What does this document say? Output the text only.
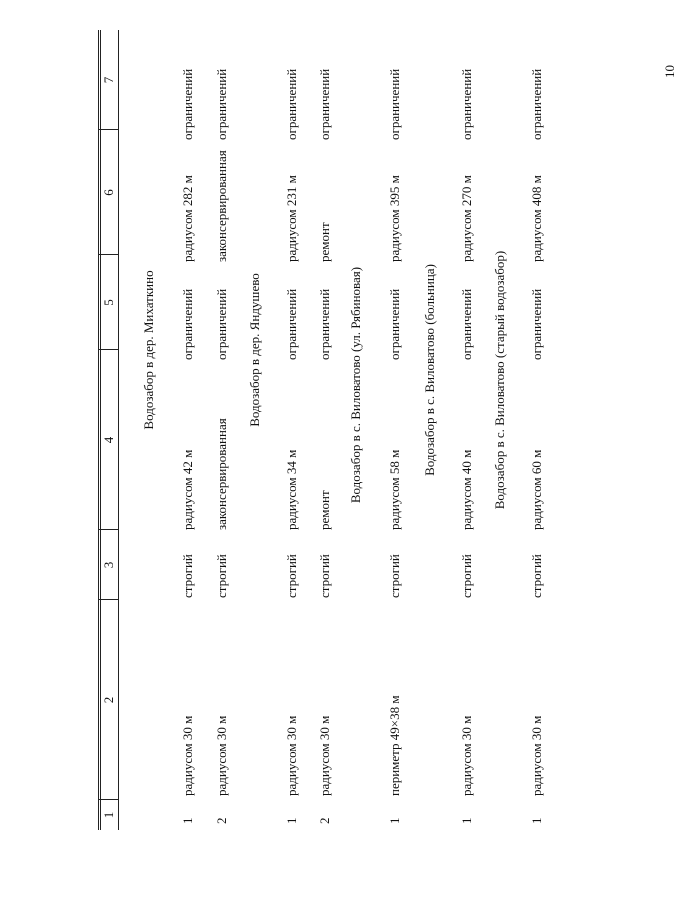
10
1
2
3
4
5
6
7
Водозабор в дер. Михаткино
1
радиусом 30 м
строгий
радиусом 42 м
ограничений
радиусом 282 м
ограничений
2
радиусом 30 м
строгий
законсервированная
ограничений
законсервированная
ограничений
Водозабор в дер. Яндушево
1
радиусом 30 м
строгий
радиусом 34 м
ограничений
радиусом 231 м
ограничений
2
радиусом 30 м
строгий
ремонт
ограничений
ремонт
ограничений
Водозабор в с. Виловатово (ул. Рябиновая)
1
периметр 49×38 м
строгий
радиусом 58 м
ограничений
радиусом 395 м
ограничений
Водозабор в с. Виловатово (больница)
1
радиусом 30 м
строгий
радиусом 40 м
ограничений
радиусом 270 м
ограничений
Водозабор в с. Виловатово (старый водозабор)
1
радиусом 30 м
строгий
радиусом 60 м
ограничений
радиусом 408 м
ограничений
